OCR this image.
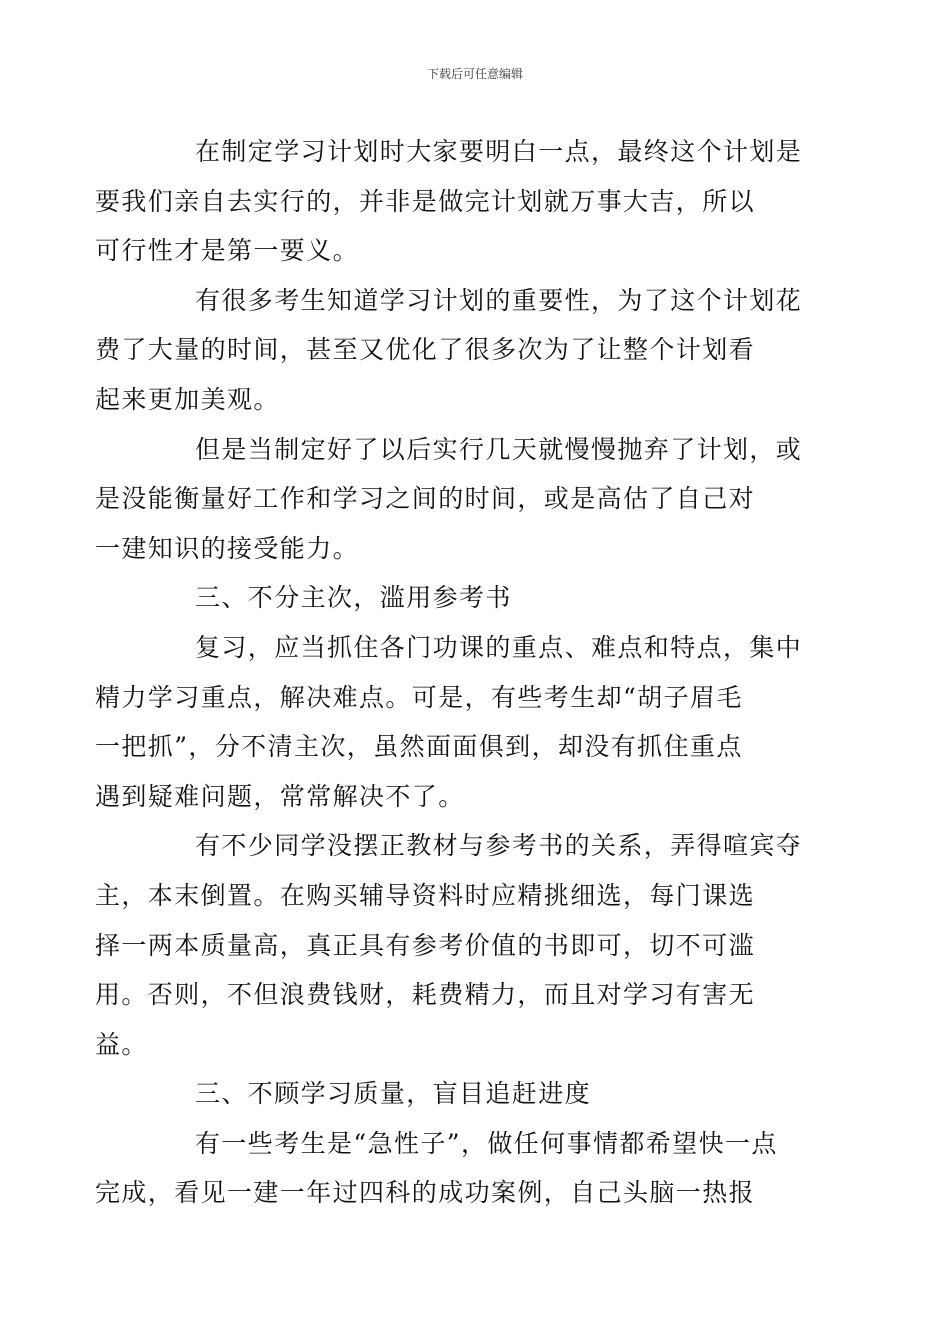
下载后可任意编辑
在制定学习计划时大家要明白一点，最终这个计划是
要我们亲自去实行的，并非是做完计划就万事大吉，所以
可行性才是第一要义。
有很多考生知道学习计划的重要性，为了这个计划花
费了大量的时间，甚至又优化了很多次为了让整个计划看
起来更加美观。
但是当制定好了以后实行几天就慢慢抛弃了计划，或
是没能衡量好工作和学习之间的时间，或是高估了自己对
一建知识的接受能力。
三、不分主次，滥用参考书
复习，应当抓住各门功课的重点、难点和特点，集中
精力学习重点，解决难点。可是，有些考生却“胡子眉毛
一把抓”，分不清主次，虽然面面俱到，却没有抓住重点
遇到疑难问题，常常解决不了。
有不少同学没摆正教材与参考书的关系，弄得喧宾夺
主，本末倒置。在购买辅导资料时应精挑细选，每门课选
择一两本质量高，真正具有参考价值的书即可，切不可滥
用。否则，不但浪费钱财，耗费精力，而且对学习有害无
益。
三、不顾学习质量，盲目追赶进度
有一些考生是“急性子”，做任何事情都希望快一点
完成，看见一建一年过四科的成功案例，自己头脑一热报
